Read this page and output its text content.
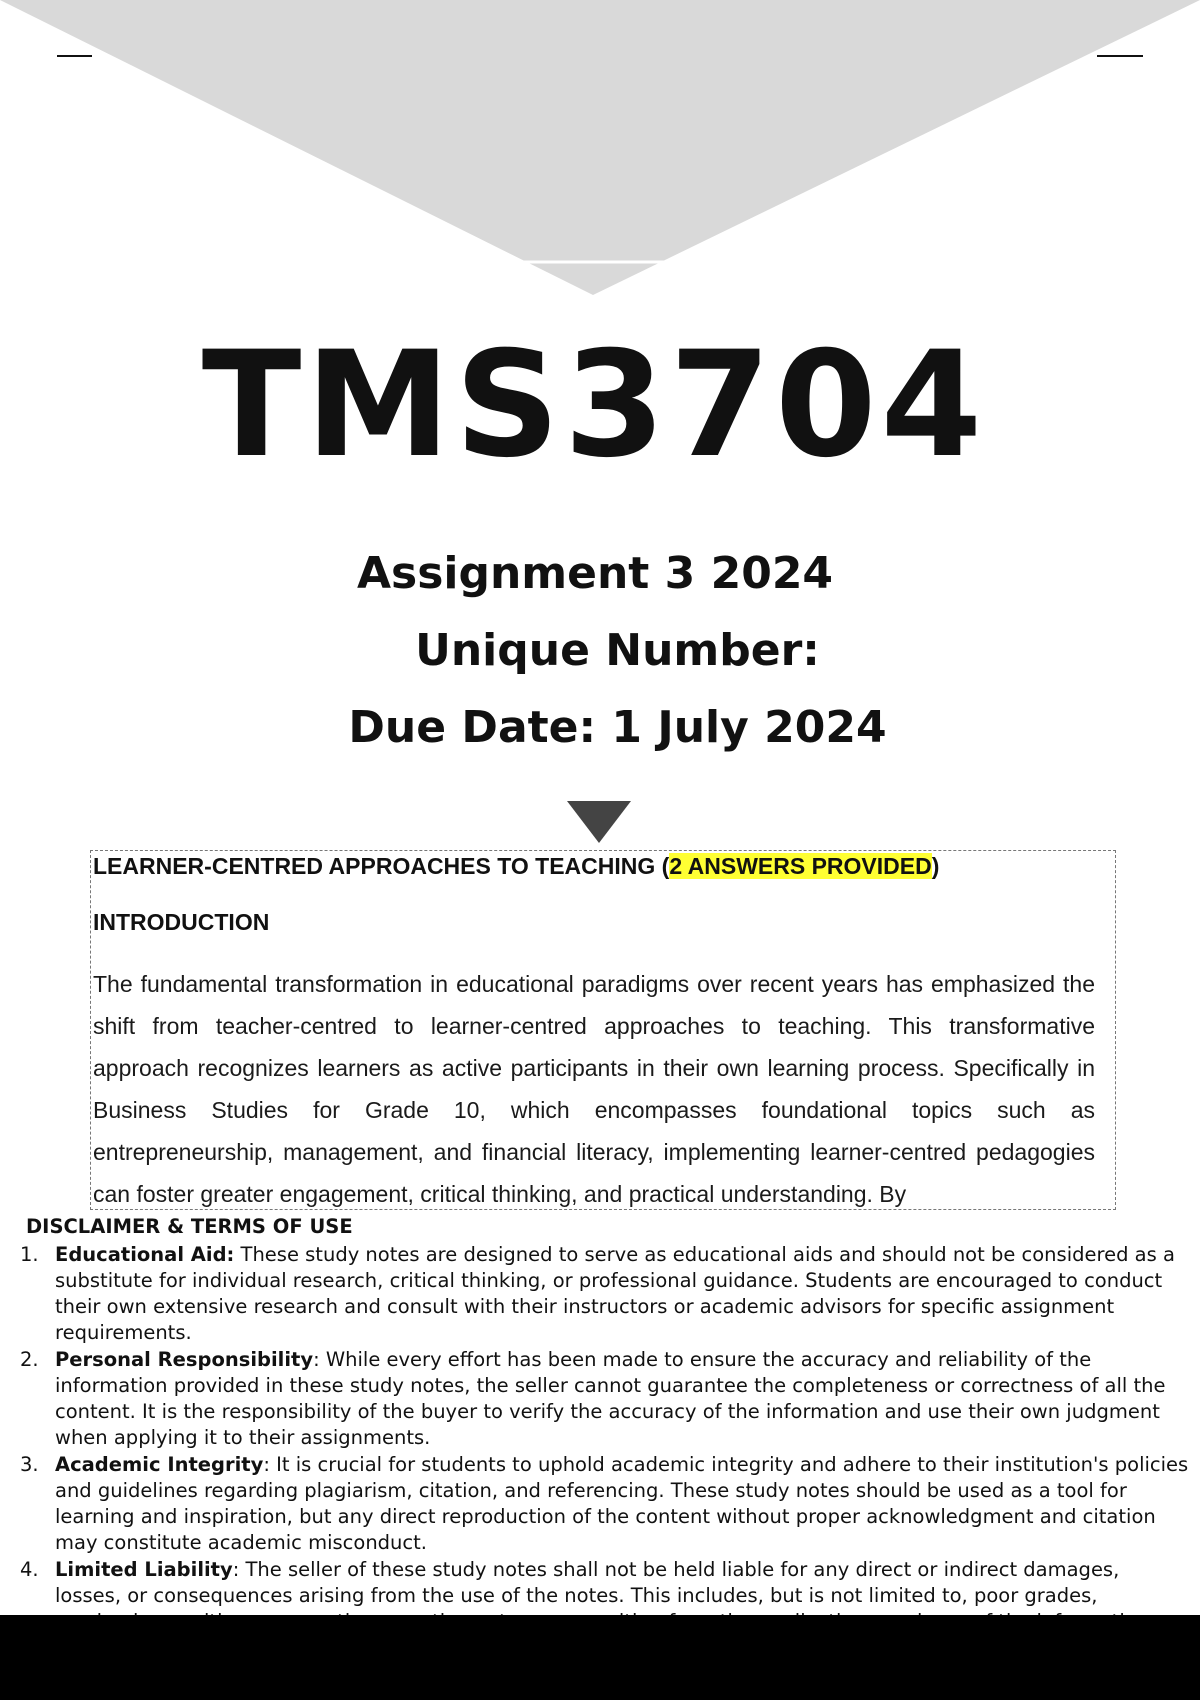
TMS3704
Assignment 3 2024
Unique Number:
Due Date: 1 July 2024

LEARNER-CENTRED APPROACHES TO TEACHING (2 ANSWERS PROVIDED)

INTRODUCTION

The fundamental transformation in educational paradigms over recent years has emphasized the shift from teacher-centred to learner-centred approaches to teaching. This transformative approach recognizes learners as active participants in their own learning process. Specifically in Business Studies for Grade 10, which encompasses foundational topics such as entrepreneurship, management, and financial literacy, implementing learner-centred pedagogies can foster greater engagement, critical thinking, and practical understanding. By

DISCLAIMER & TERMS OF USE
1. Educational Aid: These study notes are designed to serve as educational aids and should not be considered as a substitute for individual research, critical thinking, or professional guidance. Students are encouraged to conduct their own extensive research and consult with their instructors or academic advisors for specific assignment requirements.
2. Personal Responsibility: While every effort has been made to ensure the accuracy and reliability of the information provided in these study notes, the seller cannot guarantee the completeness or correctness of all the content. It is the responsibility of the buyer to verify the accuracy of the information and use their own judgment when applying it to their assignments.
3. Academic Integrity: It is crucial for students to uphold academic integrity and adhere to their institution's policies and guidelines regarding plagiarism, citation, and referencing. These study notes should be used as a tool for learning and inspiration, but any direct reproduction of the content without proper acknowledgment and citation may constitute academic misconduct.
4. Limited Liability: The seller of these study notes shall not be held liable for any direct or indirect damages, losses, or consequences arising from the use of the notes. This includes, but is not limited to, poor grades,
